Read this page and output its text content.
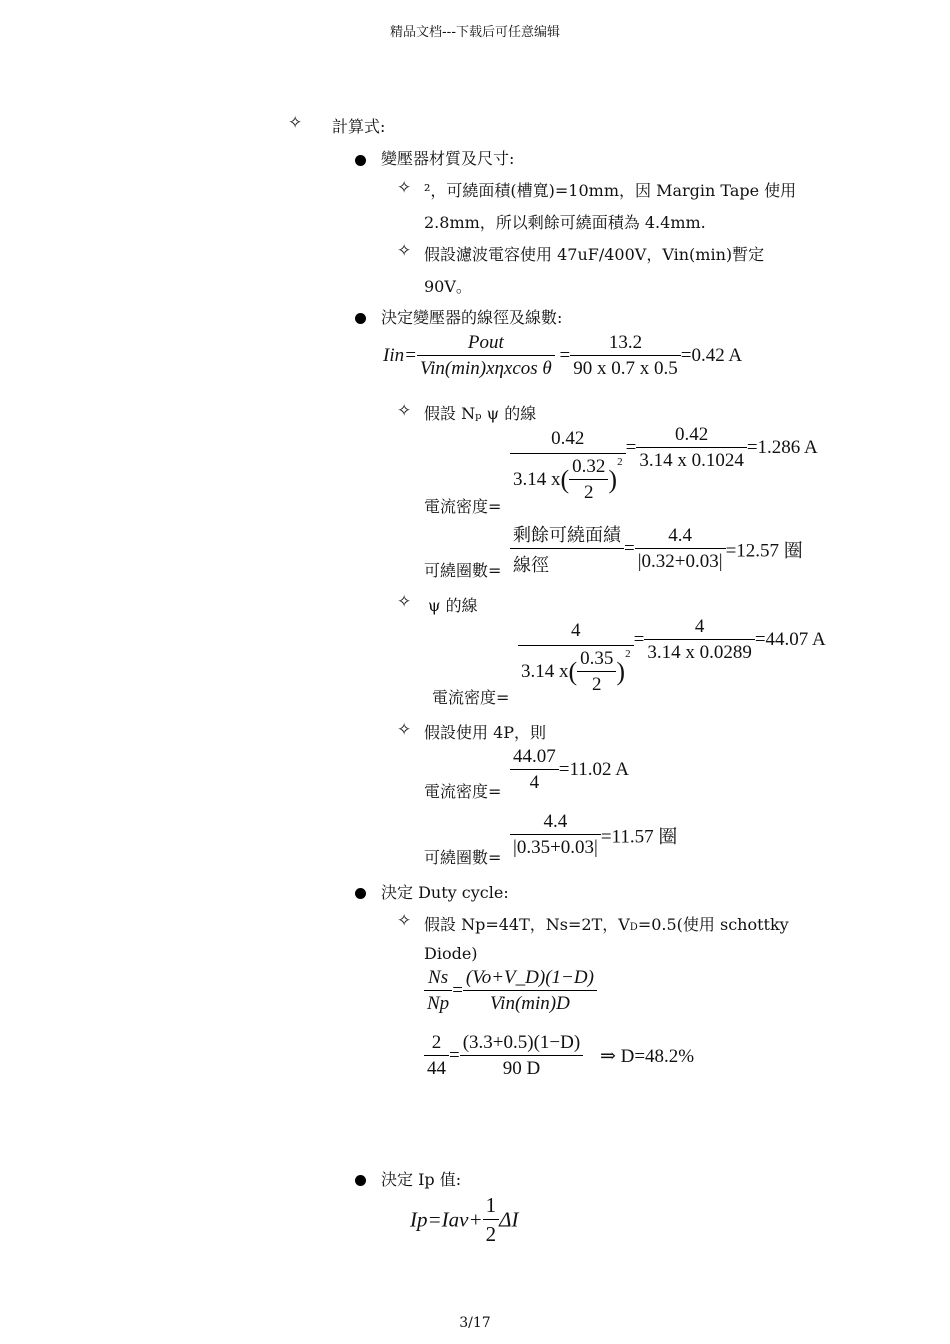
精品文档---下载后可任意编辑
✧ 計算式:
變壓器材質及尺寸:
✧ ²，可繞面積(槽寬)=10mm，因 Margin Tape 使用
2.8mm，所以剩餘可繞面積為 4.4mm.
✧ 假設濾波電容使用 47uF/400V，Vin(min)暫定
90V。
決定變壓器的線徑及線數:
$Iin= \frac{\text{Pout}}{\text{Vin(min)xηxcos θ}} = \frac{13.2}{90 x 0.7 x 0.5} =0.42$ A
✧ 假設 Nₚ ψ 的線
$\frac{0.42}{3.14 x( \frac{0.32}{2} )^2} = \frac{0.42}{3.14 x 0.1024} =1.286$ A
電流密度=
$\frac{\text{剩餘可繞面績}}{\text{線徑}} = \frac{4.4}{|0.32+0.03|} =12.57$ 圈
可繞圈數=
✧ ψ 的線
$\frac{4}{3.14 x( \frac{0.35}{2} )^2} = \frac{4}{3.14 x 0.0289} =44.07$ A
電流密度=
✧ 假設使用 4P，則
$\frac{44.07}{4} =11.02$ A
電流密度=
$\frac{4.4}{|0.35+0.03|} =11.57$ 圈
可繞圈數=
決定 Duty cycle:
✧ 假設 Np=44T，Ns=2T，VD=0.5(使用 schottky
Diode)
$\frac{Ns}{Np} = \frac{(Vo+V\_D)(1-D)}{\text{Vin(min)D}}$
$\frac{2}{44} = \frac{(3.3+0.5)(1-D)}{90 D}$ ⇒ D=48.2%
決定 Ip 值:
$Ip=Iav+ \frac{1}{2}$ ΔI
3/17
